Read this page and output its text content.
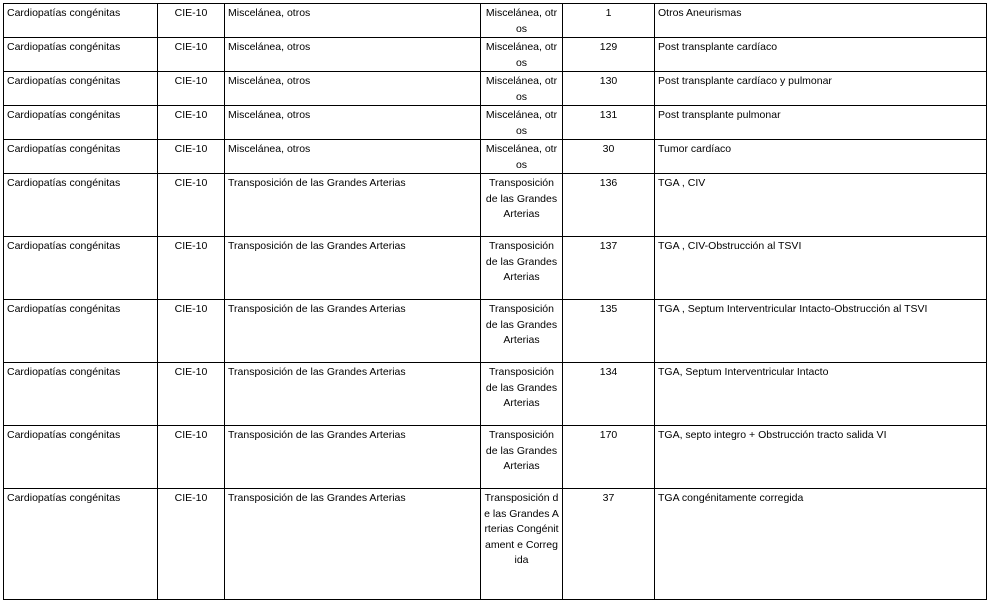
Cardiopatías congénitas	CIE-10	Miscelánea, otros	Miscelánea, otros	1	Otros Aneurismas
Cardiopatías congénitas	CIE-10	Miscelánea, otros	Miscelánea, otros	129	Post transplante cardíaco
Cardiopatías congénitas	CIE-10	Miscelánea, otros	Miscelánea, otros	130	Post transplante cardíaco y pulmonar
Cardiopatías congénitas	CIE-10	Miscelánea, otros	Miscelánea, otros	131	Post transplante pulmonar
Cardiopatías congénitas	CIE-10	Miscelánea, otros	Miscelánea, otros	30	Tumor cardíaco
Cardiopatías congénitas	CIE-10	Transposición de las Grandes Arterias	Transposición de las Grandes Arterias	136	TGA , CIV
Cardiopatías congénitas	CIE-10	Transposición de las Grandes Arterias	Transposición de las Grandes Arterias	137	TGA , CIV-Obstrucción al TSVI
Cardiopatías congénitas	CIE-10	Transposición de las Grandes Arterias	Transposición de las Grandes Arterias	135	TGA , Septum Interventricular Intacto-Obstrucción al TSVI
Cardiopatías congénitas	CIE-10	Transposición de las Grandes Arterias	Transposición de las Grandes Arterias	134	TGA, Septum Interventricular Intacto
Cardiopatías congénitas	CIE-10	Transposición de las Grandes Arterias	Transposición de las Grandes Arterias	170	TGA, septo integro + Obstrucción tracto salida VI
Cardiopatías congénitas	CIE-10	Transposición de las Grandes Arterias	Transposición de las Grandes Arterias Congénitament e Corregida	37	TGA congénitamente corregida
